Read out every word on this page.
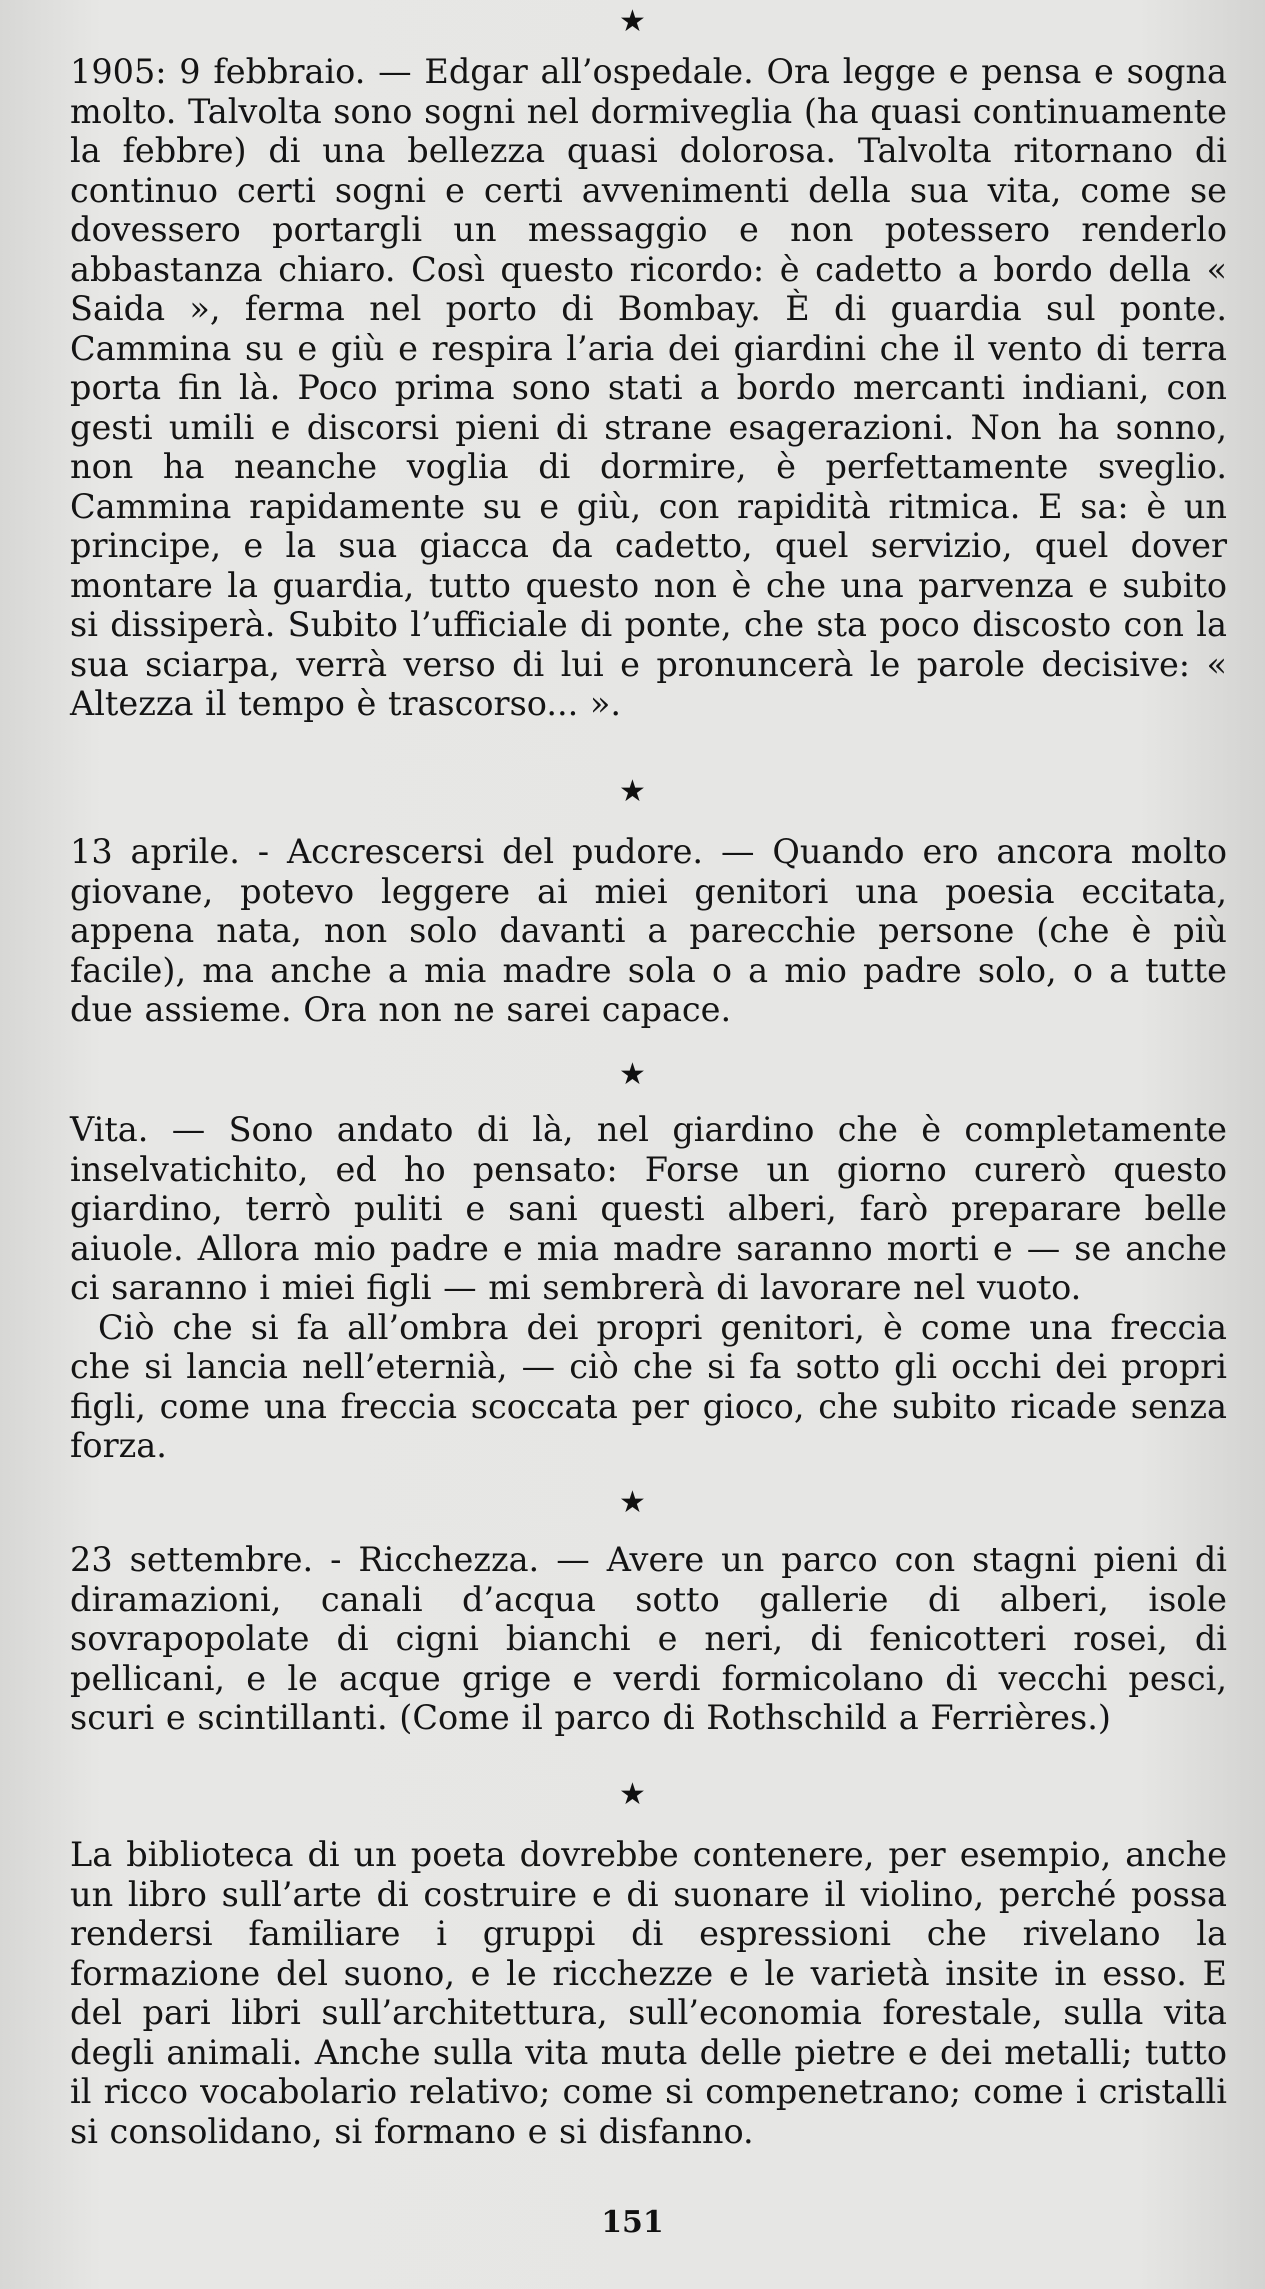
★

1905: 9 febbraio. — Edgar all’ospedale. Ora legge e pensa e sogna molto. Talvolta sono sogni nel dormiveglia (ha quasi continuamente la febbre) di una bellezza quasi dolorosa. Talvolta ritornano di continuo certi sogni e certi avvenimenti della sua vita, come se dovessero portargli un messaggio e non potessero renderlo abbastanza chiaro. Così questo ricordo: è cadetto a bordo della « Saida », ferma nel porto di Bombay. È di guardia sul ponte. Cammina su e giù e respira l’aria dei giardini che il vento di terra porta fin là. Poco prima sono stati a bordo mercanti indiani, con gesti umili e discorsi pieni di strane esagerazioni. Non ha sonno, non ha neanche voglia di dormire, è perfettamente sveglio. Cammina rapidamente su e giù, con rapidità ritmica. E sa: è un principe, e la sua giacca da cadetto, quel servizio, quel dover montare la guardia, tutto questo non è che una parvenza e subito si dissiperà. Subito l’ufficiale di ponte, che sta poco discosto con la sua sciarpa, verrà verso di lui e pronuncerà le parole decisive: « Altezza il tempo è trascorso... ».

★

13 aprile. - Accrescersi del pudore. — Quando ero ancora molto giovane, potevo leggere ai miei genitori una poesia eccitata, appena nata, non solo davanti a parecchie persone (che è più facile), ma anche a mia madre sola o a mio padre solo, o a tutte due assieme. Ora non ne sarei capace.

★

Vita. — Sono andato di là, nel giardino che è completamente inselvatichito, ed ho pensato: Forse un giorno curerò questo giardino, terrò puliti e sani questi alberi, farò preparare belle aiuole. Allora mio padre e mia madre saranno morti e — se anche ci saranno i miei figli — mi sembrerà di lavorare nel vuoto.

Ciò che si fa all’ombra dei propri genitori, è come una freccia che si lancia nell’eternià, — ciò che si fa sotto gli occhi dei propri figli, come una freccia scoccata per gioco, che subito ricade senza forza.

★

23 settembre. - Ricchezza. — Avere un parco con stagni pieni di diramazioni, canali d’acqua sotto gallerie di alberi, isole sovrapopolate di cigni bianchi e neri, di fenicotteri rosei, di pellicani, e le acque grige e verdi formicolano di vecchi pesci, scuri e scintillanti. (Come il parco di Rothschild a Ferrières.)

★

La biblioteca di un poeta dovrebbe contenere, per esempio, anche un libro sull’arte di costruire e di suonare il violino, perché possa rendersi familiare i gruppi di espressioni che rivelano la formazione del suono, e le ricchezze e le varietà insite in esso. E del pari libri sull’architettura, sull’economia forestale, sulla vita degli animali. Anche sulla vita muta delle pietre e dei metalli; tutto il ricco vocabolario relativo; come si compenetrano; come i cristalli si consolidano, si formano e si disfanno.

151
